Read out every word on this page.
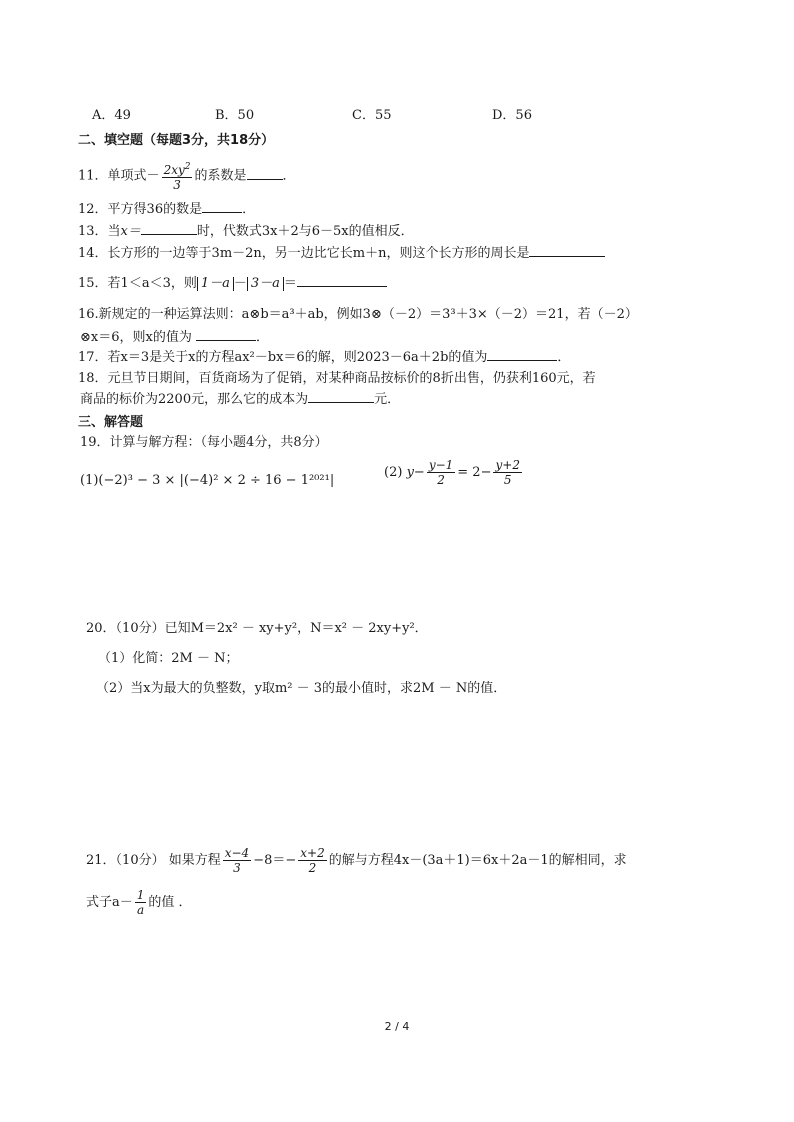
A．49	B．50	C．55	D．56
二、填空题（每题3分，共18分）
11．单项式－ $\frac{2xy^2}{3}$ 的系数是	．
12．平方得36的数是	．
13．当x＝	时，代数式3x＋2与6－5x的值相反．
14．长方形的一边等于3m－2n，另一边比它长m＋n，则这个长方形的周长是
15．若1＜a＜3，则 1－a － 3－a ＝
16.新规定的一种运算法则：a⊗b＝a³＋ab，例如3⊗（－2）＝3³＋3×（－2）＝21，若（－2）
⊗x＝6，则x的值为	．
17．若x＝3是关于x的方程ax²－bx＝6的解，则2023－6a＋2b的值为	．
18．元旦节日期间，百货商场为了促销，对某种商品按标价的8折出售，仍获利160元，若
商品的标价为2200元，那么它的成本为	元．
三、解答题
19．计算与解方程：（每小题4分，共8分）
(1)(−2)³ − 3 × |(−4)² × 2 ÷ 16 − 1²⁰²¹|
(2) $y- \frac{y-1}{2} = 2- \frac{y+2}{5}$
20．（10分）已知M＝2x² － xy+y²，N＝x² － 2xy+y²．
（1）化简：2M － N；
（2）当x为最大的负整数，y取m² － 3的最小值时，求2M － N的值．
21．（10分） 如果方程 $\frac{x-4}{3} -8=- \frac{x+2}{2}$ 的解与方程4x－(3a＋1)＝6x＋2a－1的解相同，求
式子$a- \frac{1}{a}$ 的值 ．
2 / 4
